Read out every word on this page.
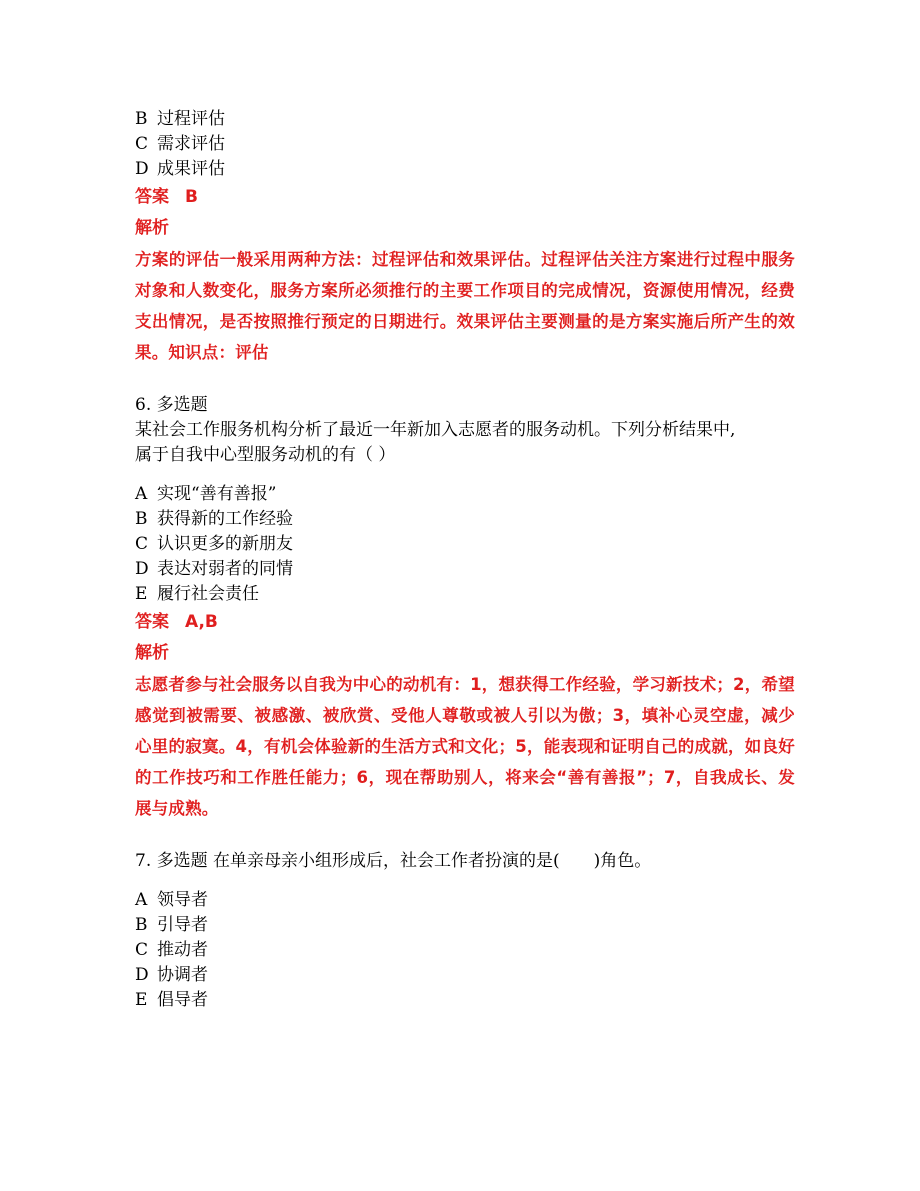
B 过程评估
C 需求评估
D 成果评估
答案 B
解析
方案的评估一般采用两种方法：过程评估和效果评估。过程评估关注方案进行过程中服务对象和人数变化，服务方案所必须推行的主要工作项目的完成情况，资源使用情况，经费支出情况，是否按照推行预定的日期进行。效果评估主要测量的是方案实施后所产生的效果。知识点：评估
6. 多选题
某社会工作服务机构分析了最近一年新加入志愿者的服务动机。下列分析结果中,
属于自我中心型服务动机的有（ ）
A 实现“善有善报”
B 获得新的工作经验
C 认识更多的新朋友
D 表达对弱者的同情
E 履行社会责任
答案 A,B
解析
志愿者参与社会服务以自我为中心的动机有：1，想获得工作经验，学习新技术；2，希望感觉到被需要、被感激、被欣赏、受他人尊敬或被人引以为傲；3，填补心灵空虚，减少心里的寂寞。4，有机会体验新的生活方式和文化；5，能表现和证明自己的成就，如良好的工作技巧和工作胜任能力；6，现在帮助别人，将来会“善有善报”；7，自我成长、发展与成熟。
7. 多选题 在单亲母亲小组形成后，社会工作者扮演的是(　　)角色。
A 领导者
B 引导者
C 推动者
D 协调者
E 倡导者
